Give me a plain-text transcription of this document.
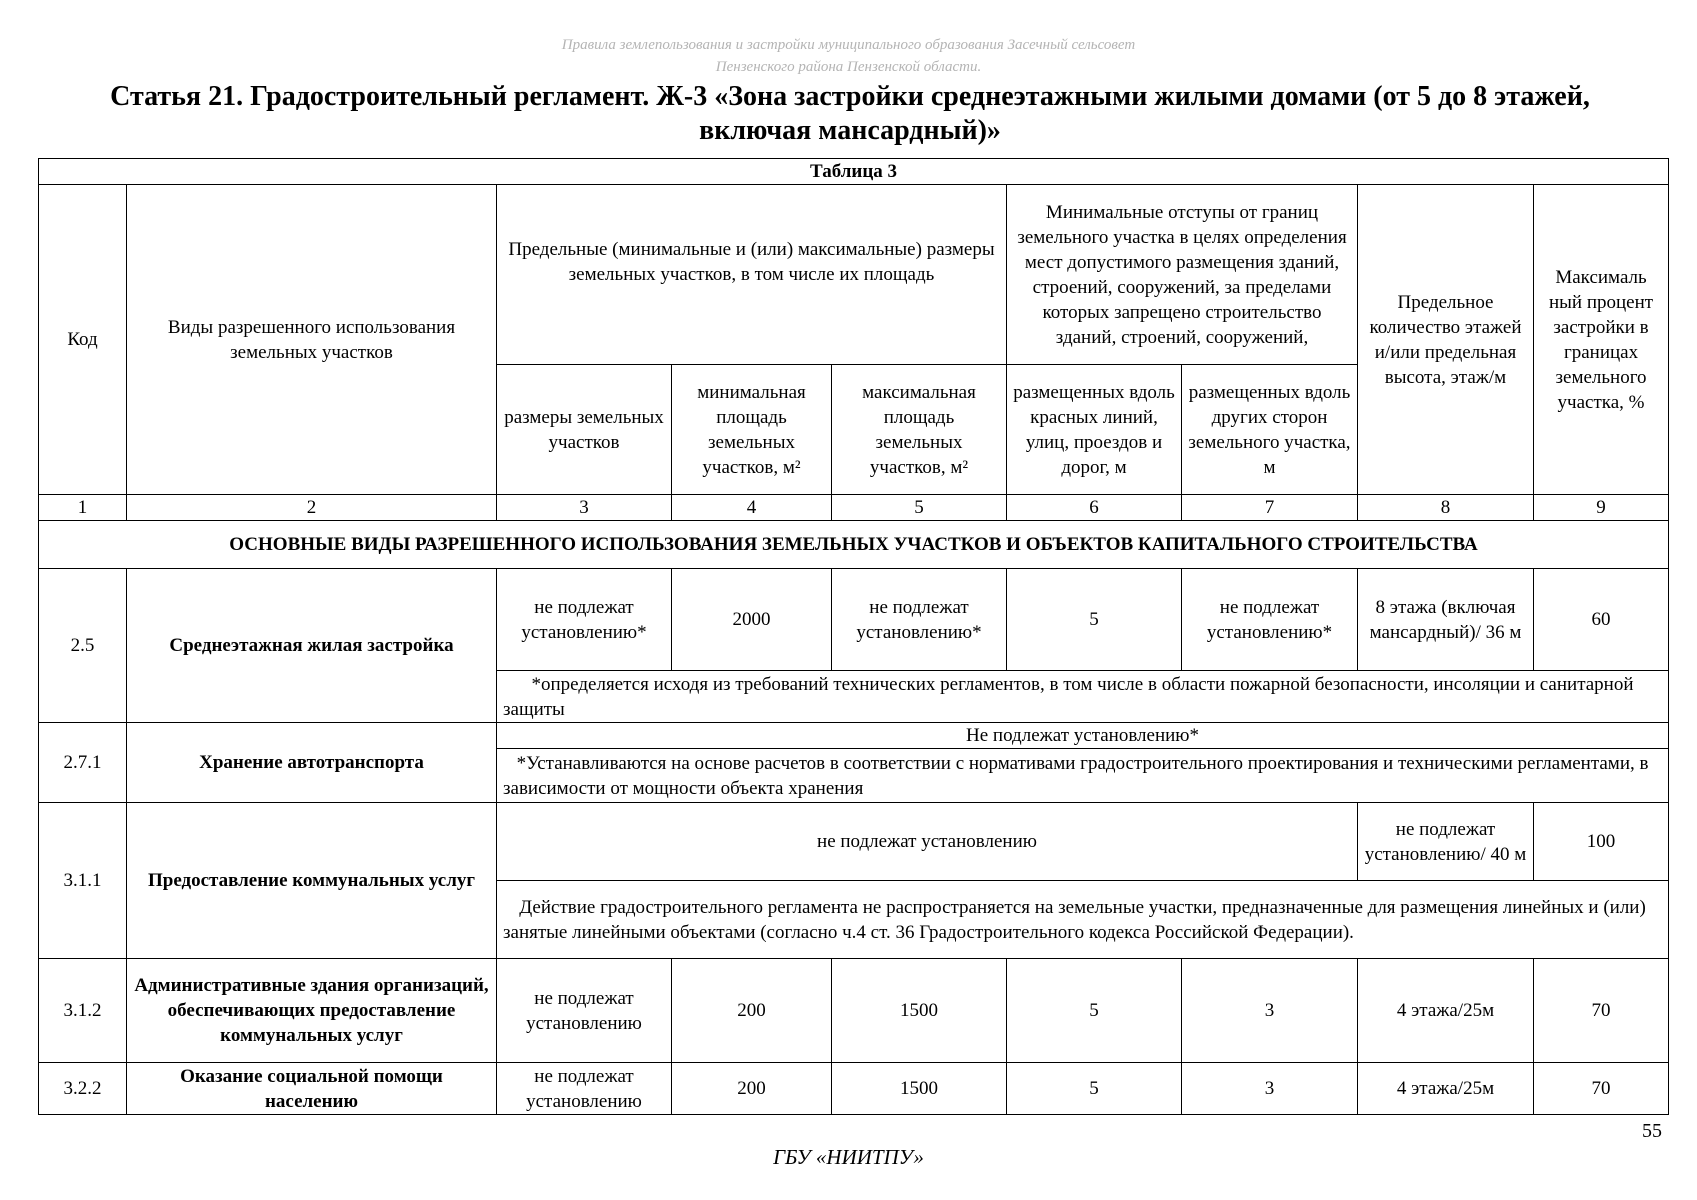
Правила землепользования и застройки муниципального образования Засечный сельсовет
Пензенского района Пензенской области.
Статья 21. Градостроительный регламент. Ж-3 «Зона застройки среднеэтажными жилыми домами (от 5 до 8 этажей,
включая мансардный)»
Таблица 3								
Код	Виды разрешенного использования земельных участков	Предельные (минимальные и (или) максимальные) размеры земельных участков, в том числе их площадь			Минимальные отступы от границ земельного участка в целях определения мест допустимого размещения зданий, строений, сооружений, за пределами которых запрещено строительство зданий, строений, сооружений,		Предельное количество этажей и/или предельная высота, этаж/м	Максималь ный процент застройки в границах земельного участка, %
		размеры земельных участков	минимальная площадь земельных участков, м²	максимальная площадь земельных участков, м²	размещенных вдоль красных линий, улиц, проездов и дорог, м	размещенных вдоль других сторон земельного участка, м		
1	2	3	4	5	6	7	8	9
ОСНОВНЫЕ ВИДЫ РАЗРЕШЕННОГО ИСПОЛЬЗОВАНИЯ ЗЕМЕЛЬНЫХ УЧАСТКОВ И ОБЪЕКТОВ КАПИТАЛЬНОГО СТРОИТЕЛЬСТВА								
2.5	Среднеэтажная жилая застройка	не подлежат установлению*	2000	не подлежат установлению*	5	не подлежат установлению*	8 этажа (включая мансардный)/ 36 м	60
		*определяется исходя из требований технических регламентов, в том числе в области пожарной безопасности, инсоляции и санитарной защиты						
2.7.1	Хранение автотранспорта	Не подлежат установлению*						
		*Устанавливаются на основе расчетов в соответствии с нормативами градостроительного проектирования и техническими регламентами, в зависимости от мощности объекта хранения						
3.1.1	Предоставление коммунальных услуг	не подлежат установлению					не подлежат установлению/ 40 м	100
		Действие градостроительного регламента не распространяется на земельные участки, предназначенные для размещения линейных и (или) занятые линейными объектами (согласно ч.4 ст. 36 Градостроительного кодекса Российской Федерации).						
3.1.2	Административные здания организаций, обеспечивающих предоставление коммунальных услуг	не подлежат установлению	200	1500	5	3	4 этажа/25м	70
3.2.2	Оказание социальной помощи населению	не подлежат установлению	200	1500	5	3	4 этажа/25м	70
55
ГБУ «НИИТПУ»
